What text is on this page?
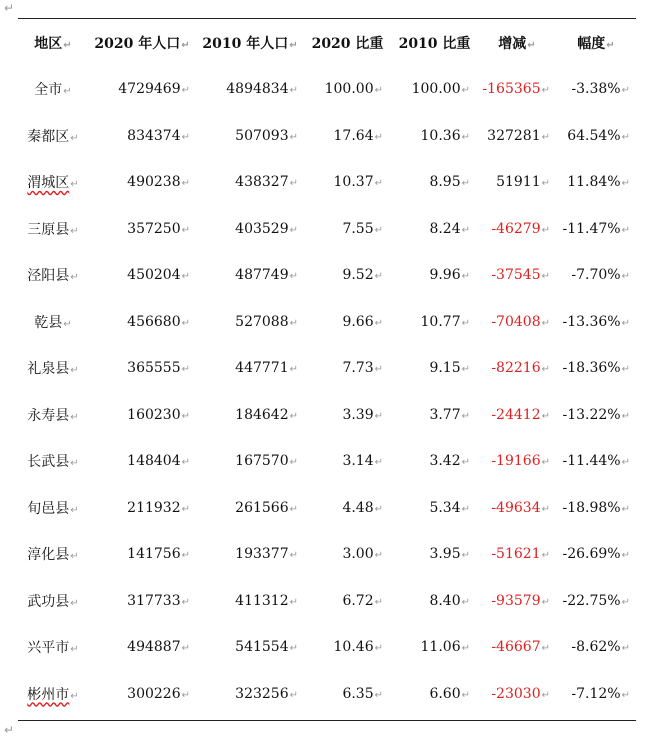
↵
地区↵	2020 年人口↵	2010 年人口↵	2020 比重	2010 比重	增减↵	幅度↵
全市↵	4729469↵	4894834↵	100.00↵	100.00↵	-165365↵	-3.38%↵
秦都区↵	834374↵	507093↵	17.64↵	10.36↵	327281↵	64.54%↵
渭城区↵	490238↵	438327↵	10.37↵	8.95↵	51911↵	11.84%↵
三原县↵	357250↵	403529↵	7.55↵	8.24↵	-46279↵	-11.47%↵
泾阳县↵	450204↵	487749↵	9.52↵	9.96↵	-37545↵	-7.70%↵
乾县↵	456680↵	527088↵	9.66↵	10.77↵	-70408↵	-13.36%↵
礼泉县↵	365555↵	447771↵	7.73↵	9.15↵	-82216↵	-18.36%↵
永寿县↵	160230↵	184642↵	3.39↵	3.77↵	-24412↵	-13.22%↵
长武县↵	148404↵	167570↵	3.14↵	3.42↵	-19166↵	-11.44%↵
旬邑县↵	211932↵	261566↵	4.48↵	5.34↵	-49634↵	-18.98%↵
淳化县↵	141756↵	193377↵	3.00↵	3.95↵	-51621↵	-26.69%↵
武功县↵	317733↵	411312↵	6.72↵	8.40↵	-93579↵	-22.75%↵
兴平市↵	494887↵	541554↵	10.46↵	11.06↵	-46667↵	-8.62%↵
彬州市↵	300226↵	323256↵	6.35↵	6.60↵	-23030↵	-7.12%↵
↵
